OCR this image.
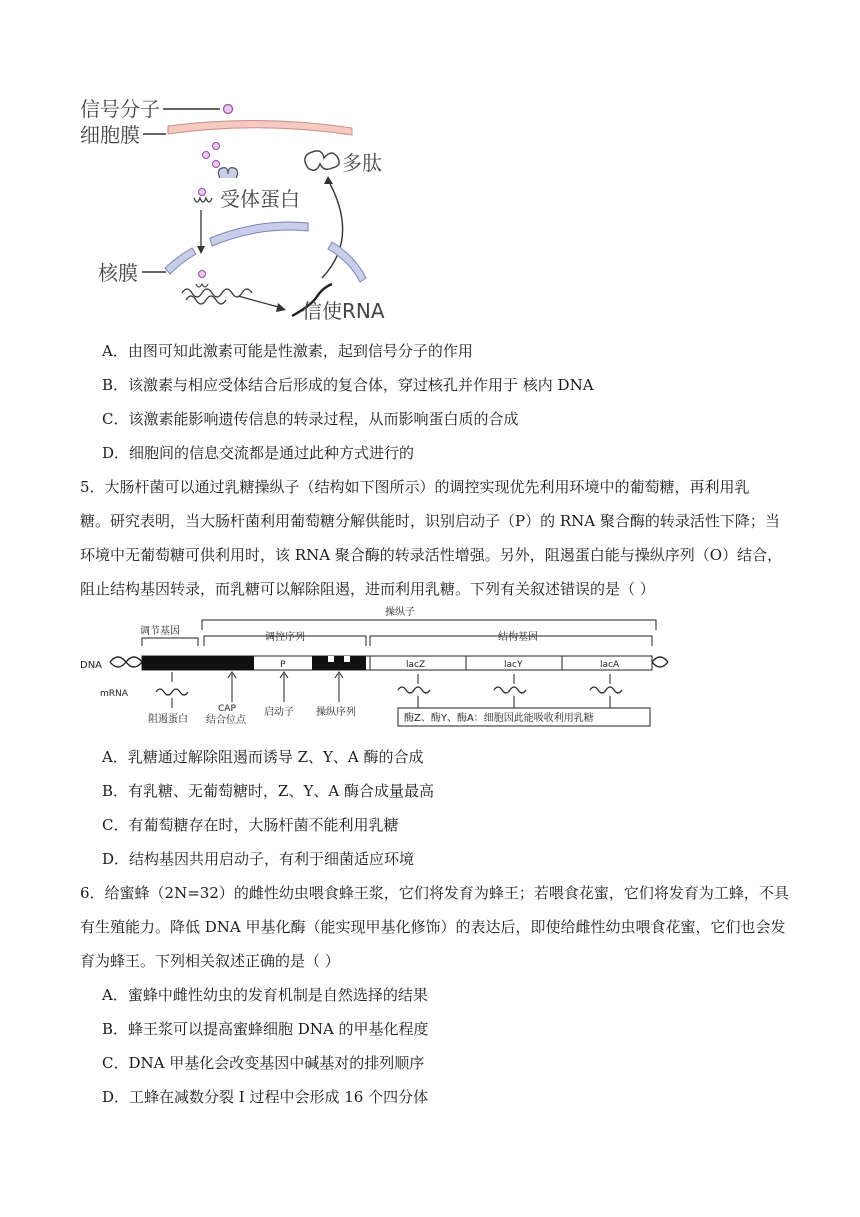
信号分子
细胞膜
受体蛋白
多肽
核膜
信使RNA
A．由图可知此激素可能是性激素，起到信号分子的作用
B．该激素与相应受体结合后形成的复合体，穿过核孔并作用于 核内 DNA
C．该激素能影响遗传信息的转录过程，从而影响蛋白质的合成
D．细胞间的信息交流都是通过此种方式进行的
5．大肠杆菌可以通过乳糖操纵子（结构如下图所示）的调控实现优先利用环境中的葡萄糖，再利用乳
糖。研究表明，当大肠杆菌利用葡萄糖分解供能时，识别启动子（P）的 RNA 聚合酶的转录活性下降；当
环境中无葡萄糖可供利用时，该 RNA 聚合酶的转录活性增强。另外，阻遏蛋白能与操纵序列（O）结合，
阻止结构基因转录，而乳糖可以解除阻遏，进而利用乳糖。下列有关叙述错误的是（ ）
操纵子
调节基因
调控序列	结构基因
DNA	P	lacZ	lacY	lacA
mRNA
阻遏蛋白
CAP
结合位点
启动子 操纵序列
酶Z、酶Y、酶A：细胞因此能吸收利用乳糖
A．乳糖通过解除阻遏而诱导 Z、Y、A 酶的合成
B．有乳糖、无葡萄糖时，Z、Y、A 酶合成量最高
C．有葡萄糖存在时，大肠杆菌不能利用乳糖
D．结构基因共用启动子，有利于细菌适应环境
6．给蜜蜂（2N=32）的雌性幼虫喂食蜂王浆，它们将发育为蜂王；若喂食花蜜，它们将发育为工蜂，不具
有生殖能力。降低 DNA 甲基化酶（能实现甲基化修饰）的表达后，即使给雌性幼虫喂食花蜜，它们也会发
育为蜂王。下列相关叙述正确的是（ ）
A．蜜蜂中雌性幼虫的发育机制是自然选择的结果
B．蜂王浆可以提高蜜蜂细胞 DNA 的甲基化程度
C．DNA 甲基化会改变基因中碱基对的排列顺序
D．工蜂在减数分裂 I 过程中会形成 16 个四分体
